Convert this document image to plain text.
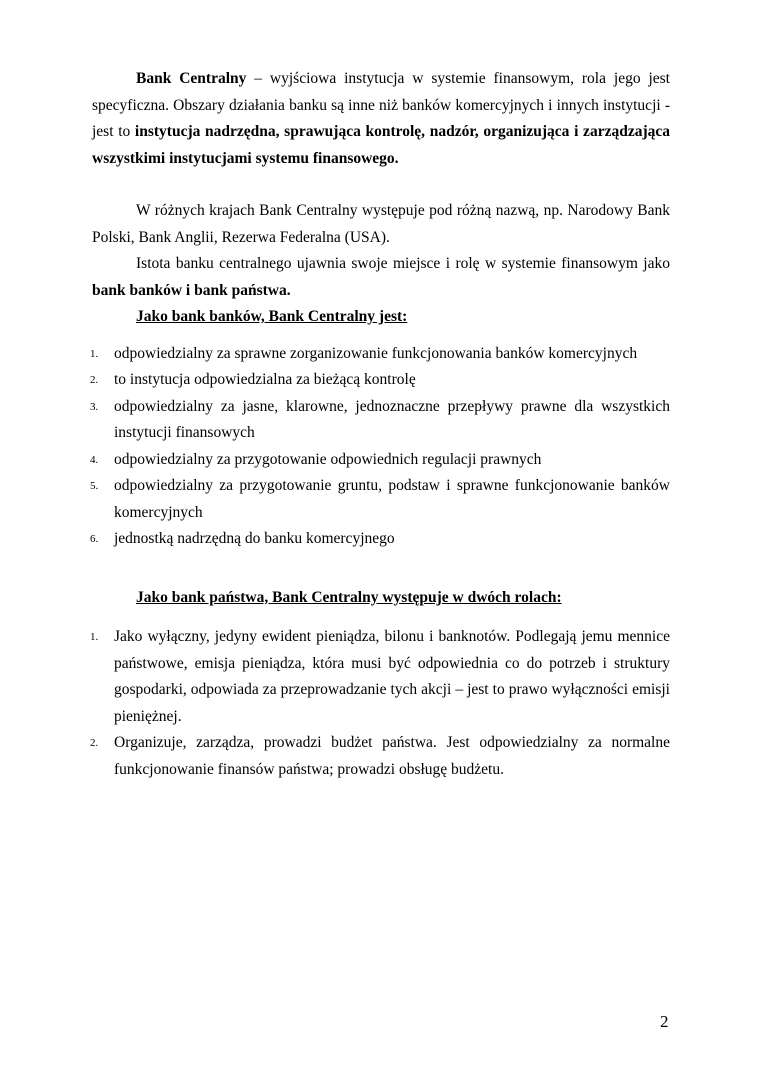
Bank Centralny – wyjściowa instytucja w systemie finansowym, rola jego jest specyficzna. Obszary działania banku są inne niż banków komercyjnych i innych instytucji - jest to instytucja nadrzędna, sprawująca kontrolę, nadzór, organizująca i zarządzająca wszystkimi instytucjami systemu finansowego.

W różnych krajach Bank Centralny występuje pod różną nazwą, np. Narodowy Bank Polski, Bank Anglii, Rezerwa Federalna (USA).

Istota banku centralnego ujawnia swoje miejsce i rolę w systemie finansowym jako bank banków i bank państwa.

Jako bank banków, Bank Centralny jest:

1. odpowiedzialny za sprawne zorganizowanie funkcjonowania banków komercyjnych
2. to instytucja odpowiedzialna za bieżącą kontrolę
3. odpowiedzialny za jasne, klarowne, jednoznaczne przepływy prawne dla wszystkich instytucji finansowych
4. odpowiedzialny za przygotowanie odpowiednich regulacji prawnych
5. odpowiedzialny za przygotowanie gruntu, podstaw i sprawne funkcjonowanie banków komercyjnych
6. jednostką nadrzędną do banku komercyjnego

Jako bank państwa, Bank Centralny występuje w dwóch rolach:

1. Jako wyłączny, jedyny ewident pieniądza, bilonu i banknotów. Podlegają jemu mennice państwowe, emisja pieniądza, która musi być odpowiednia co do potrzeb i struktury gospodarki, odpowiada za przeprowadzanie tych akcji – jest to prawo wyłączności emisji pieniężnej.
2. Organizuje, zarządza, prowadzi budżet państwa. Jest odpowiedzialny za normalne funkcjonowanie finansów państwa; prowadzi obsługę budżetu.
2
